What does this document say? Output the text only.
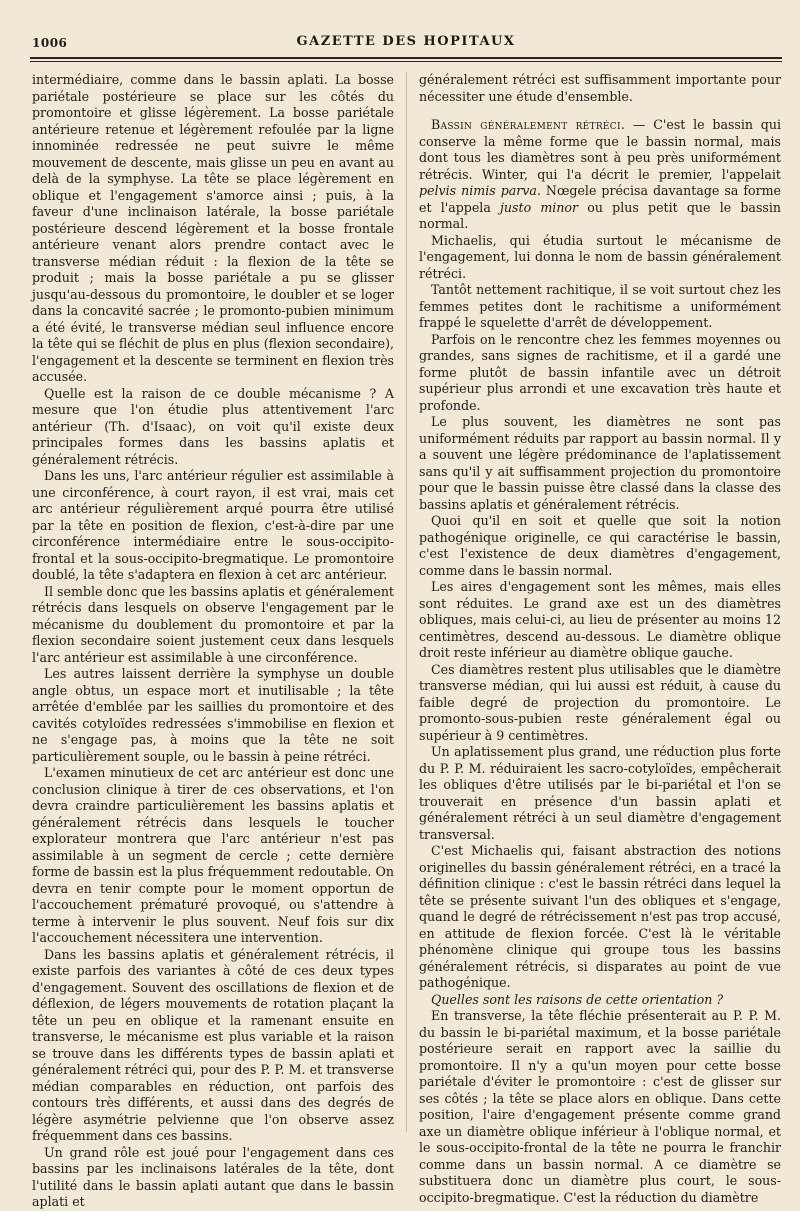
1006	GAZETTE DES HOPITAUX

intermédiaire, comme dans le bassin aplati. La bosse pariétale postérieure se place sur les côtés du promontoire et glisse légèrement. La bosse pariétale antérieure retenue et légèrement refoulée par la ligne innominée redressée ne peut suivre le même mouvement de descente, mais glisse un peu en avant au delà de la symphyse. La tête se place légèrement en oblique et l'engagement s'amorce ainsi ; puis, à la faveur d'une inclinaison latérale, la bosse pariétale postérieure descend légèrement et la bosse frontale antérieure venant alors prendre contact avec le transverse médian réduit : la flexion de la tête se produit ; mais la bosse pariétale a pu se glisser jusqu'au-dessous du promontoire, le doubler et se loger dans la concavité sacrée ; le promonto-pubien minimum a été évité, le transverse médian seul influence encore la tête qui se fléchit de plus en plus (flexion secondaire), l'engagement et la descente se terminent en flexion très accusée.

Quelle est la raison de ce double mécanisme ? A mesure que l'on étudie plus attentivement l'arc antérieur (Th. d'Isaac), on voit qu'il existe deux principales formes dans les bassins aplatis et généralement rétrécis.

Dans les uns, l'arc antérieur régulier est assimilable à une circonférence, à court rayon, il est vrai, mais cet arc antérieur régulièrement arqué pourra être utilisé par la tête en position de flexion, c'est-à-dire par une circonférence intermédiaire entre le sous-occipito-frontal et la sous-occipito-bregmatique. Le promontoire doublé, la tête s'adaptera en flexion à cet arc antérieur.

Il semble donc que les bassins aplatis et généralement rétrécis dans lesquels on observe l'engagement par le mécanisme du doublement du promontoire et par la flexion secondaire soient justement ceux dans lesquels l'arc antérieur est assimilable à une circonférence.

Les autres laissent derrière la symphyse un double angle obtus, un espace mort et inutilisable ; la tête arrêtée d'emblée par les saillies du promontoire et des cavités cotyloïdes redressées s'immobilise en flexion et ne s'engage pas, à moins que la tête ne soit particulièrement souple, ou le bassin à peine rétréci.

L'examen minutieux de cet arc antérieur est donc une conclusion clinique à tirer de ces observations, et l'on devra craindre particulièrement les bassins aplatis et généralement rétrécis dans lesquels le toucher explorateur montrera que l'arc antérieur n'est pas assimilable à un segment de cercle ; cette dernière forme de bassin est la plus fréquemment redoutable. On devra en tenir compte pour le moment opportun de l'accouchement prématuré provoqué, ou s'attendre à terme à intervenir le plus souvent. Neuf fois sur dix l'accouchement nécessitera une intervention.

Dans les bassins aplatis et généralement rétrécis, il existe parfois des variantes à côté de ces deux types d'engagement. Souvent des oscillations de flexion et de déflexion, de légers mouvements de rotation plaçant la tête un peu en oblique et la ramenant ensuite en transverse, le mécanisme est plus variable et la raison se trouve dans les différents types de bassin aplati et généralement rétréci qui, pour des P. P. M. et transverse médian comparables en réduction, ont parfois des contours très différents, et aussi dans des degrés de légère asymétrie pelvienne que l'on observe assez fréquemment dans ces bassins.

Un grand rôle est joué pour l'engagement dans ces bassins par les inclinaisons latérales de la tête, dont l'utilité dans le bassin aplati autant que dans le bassin aplati et

généralement rétréci est suffisamment importante pour nécessiter une étude d'ensemble.

Bassin généralement rétréci. — C'est le bassin qui conserve la même forme que le bassin normal, mais dont tous les diamètres sont à peu près uniformément rétrécis. Winter, qui l'a décrit le premier, l'appelait pelvis nimis parva. Nœgele précisa davantage sa forme et l'appela justo minor ou plus petit que le bassin normal.

Michaelis, qui étudia surtout le mécanisme de l'engagement, lui donna le nom de bassin généralement rétréci.

Tantôt nettement rachitique, il se voit surtout chez les femmes petites dont le rachitisme a uniformément frappé le squelette d'arrêt de développement.

Parfois on le rencontre chez les femmes moyennes ou grandes, sans signes de rachitisme, et il a gardé une forme plutôt de bassin infantile avec un détroit supérieur plus arrondi et une excavation très haute et profonde.

Le plus souvent, les diamètres ne sont pas uniformément réduits par rapport au bassin normal. Il y a souvent une légère prédominance de l'aplatissement sans qu'il y ait suffisamment projection du promontoire pour que le bassin puisse être classé dans la classe des bassins aplatis et généralement rétrécis.

Quoi qu'il en soit et quelle que soit la notion pathogénique originelle, ce qui caractérise le bassin, c'est l'existence de deux diamètres d'engagement, comme dans le bassin normal.

Les aires d'engagement sont les mêmes, mais elles sont réduites. Le grand axe est un des diamètres obliques, mais celui-ci, au lieu de présenter au moins 12 centimètres, descend au-dessous. Le diamètre oblique droit reste inférieur au diamètre oblique gauche.

Ces diamètres restent plus utilisables que le diamètre transverse médian, qui lui aussi est réduit, à cause du faible degré de projection du promontoire. Le promonto-sous-pubien reste généralement égal ou supérieur à 9 centimètres.

Un aplatissement plus grand, une réduction plus forte du P. P. M. réduiraient les sacro-cotyloïdes, empêcherait les obliques d'être utilisés par le bi-pariétal et l'on se trouverait en présence d'un bassin aplati et généralement rétréci à un seul diamètre d'engagement transversal.

C'est Michaelis qui, faisant abstraction des notions originelles du bassin généralement rétréci, en a tracé la définition clinique : c'est le bassin rétréci dans lequel la tête se présente suivant l'un des obliques et s'engage, quand le degré de rétrécissement n'est pas trop accusé, en attitude de flexion forcée. C'est là le véritable phénomène clinique qui groupe tous les bassins généralement rétrécis, si disparates au point de vue pathogénique.

Quelles sont les raisons de cette orientation ?

En transverse, la tête fléchie présenterait au P. P. M. du bassin le bi-pariétal maximum, et la bosse pariétale postérieure serait en rapport avec la saillie du promontoire. Il n'y a qu'un moyen pour cette bosse pariétale d'éviter le promontoire : c'est de glisser sur ses côtés ; la tête se place alors en oblique. Dans cette position, l'aire d'engagement présente comme grand axe un diamètre oblique inférieur à l'oblique normal, et le sous-occipito-frontal de la tête ne pourra le franchir comme dans un bassin normal. A ce diamètre se substituera donc un diamètre plus court, le sous-occipito-bregmatique. C'est la réduction du diamètre
